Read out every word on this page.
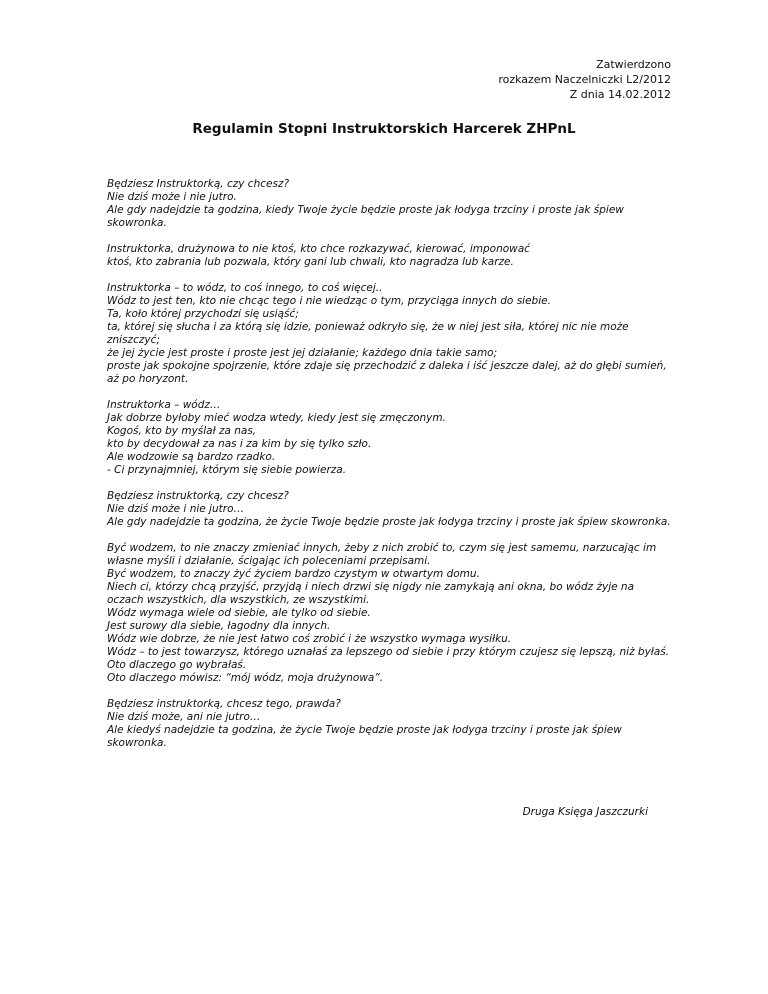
Zatwierdzono
rozkazem Naczelniczki L2/2012
Z dnia 14.02.2012
Regulamin Stopni Instruktorskich Harcerek ZHPnL
Będziesz Instruktorką, czy chcesz?
Nie dziś może i nie jutro.
Ale gdy nadejdzie ta godzina, kiedy Twoje życie będzie proste jak łodyga trzciny i proste jak śpiew skowronka.
Instruktorka, drużynowa to nie ktoś, kto chce rozkazywać, kierować, imponować
ktoś, kto zabrania lub pozwala, który gani lub chwali, kto nagradza lub karze.
Instruktorka – to wódz, to coś innego, to coś więcej..
Wódz to jest ten, kto nie chcąc tego i nie wiedząc o tym, przyciąga innych do siebie.
Ta, koło której przychodzi się usiąść;
ta, której się słucha i za którą się idzie, ponieważ odkryło się, że w niej jest siła, której nic nie może zniszczyć;
że jej życie jest proste i proste jest jej działanie; każdego dnia takie samo;
proste jak spokojne spojrzenie, które zdaje się przechodzić z daleka i iść jeszcze dalej, aż do głębi sumień, aż po horyzont.
Instruktorka – wódz…
Jak dobrze byłoby mieć wodza wtedy, kiedy jest się zmęczonym.
Kogoś, kto by myślał za nas,
kto by decydował za nas i za kim by się tylko szło.
Ale wodzowie są bardzo rzadko.
- Ci przynajmniej, którym się siebie powierza.
Będziesz instruktorką, czy chcesz?
Nie dziś może i nie jutro…
Ale gdy nadejdzie ta godzina, że życie Twoje będzie proste jak łodyga trzciny i proste jak śpiew skowronka.
Być wodzem, to nie znaczy zmieniać innych, żeby z nich zrobić to, czym się jest samemu, narzucając im własne myśli i działanie, ścigając ich poleceniami przepisami.
Być wodzem, to znaczy żyć życiem bardzo czystym w otwartym domu.
Niech ci, którzy chcą przyjść, przyjdą i niech drzwi się nigdy nie zamykają ani okna, bo wódz żyje na oczach wszystkich, dla wszystkich, ze wszystkimi.
Wódz wymaga wiele od siebie, ale tylko od siebie.
Jest surowy dla siebie, łagodny dla innych.
Wódz wie dobrze, że nie jest łatwo coś zrobić i że wszystko wymaga wysiłku.
Wódz – to jest towarzysz, którego uznałaś za lepszego od siebie i przy którym czujesz się lepszą, niż byłaś.
Oto dlaczego go wybrałaś.
Oto dlaczego mówisz: “mój wódz, moja drużynowa”.
Będziesz instruktorką, chcesz tego, prawda?
Nie dziś może, ani nie jutro…
Ale kiedyś nadejdzie ta godzina, że życie Twoje będzie proste jak łodyga trzciny i proste jak śpiew skowronka.
Druga Księga Jaszczurki
